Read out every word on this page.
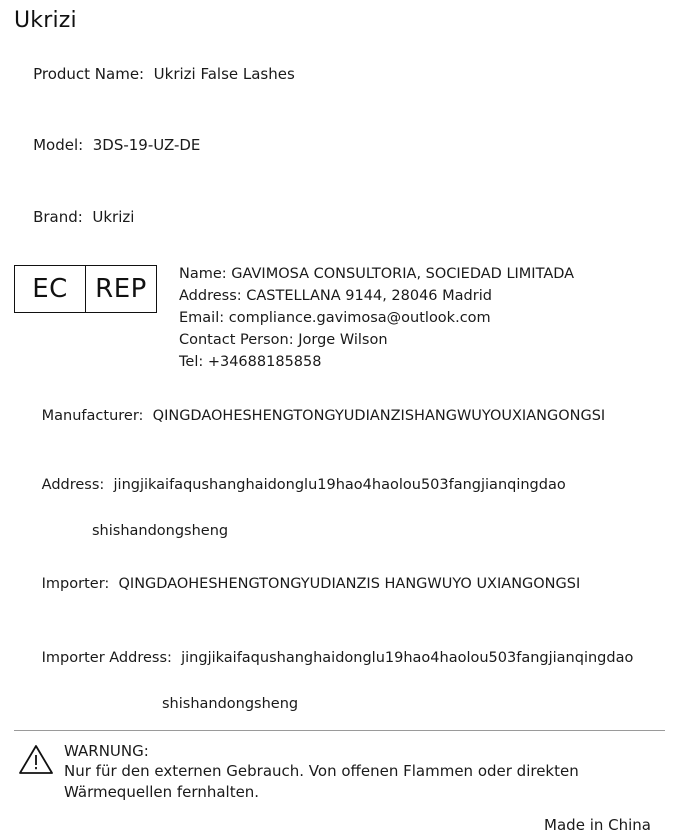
Ukrizi

Product Name: Ukrizi False Lashes

Model: 3DS-19-UZ-DE

Brand: Ukrizi

EC	REP	Name: GAVIMOSA CONSULTORIA, SOCIEDAD LIMITADA
Address: CASTELLANA 9144, 28046 Madrid
Email: compliance.gavimosa@outlook.com
Contact Person: Jorge Wilson
Tel: +34688185858

Manufacturer: QINGDAOHESHENGTONGYUDIANZISHANGWUYOUXIANGONGSI

Address: jingjikaifaqushanghaidonglu19hao4haolou503fangjianqingdao

shishandongsheng

Importer: QINGDAOHESHENGTONGYUDIANZIS HANGWUYO UXIANGONGSI

Importer Address: jingjikaifaqushanghaidonglu19hao4haolou503fangjianqingdao

shishandongsheng
WARNUNG:
Nur für den externen Gebrauch. Von offenen Flammen oder direkten
Wärmequellen fernhalten.
Made in China
